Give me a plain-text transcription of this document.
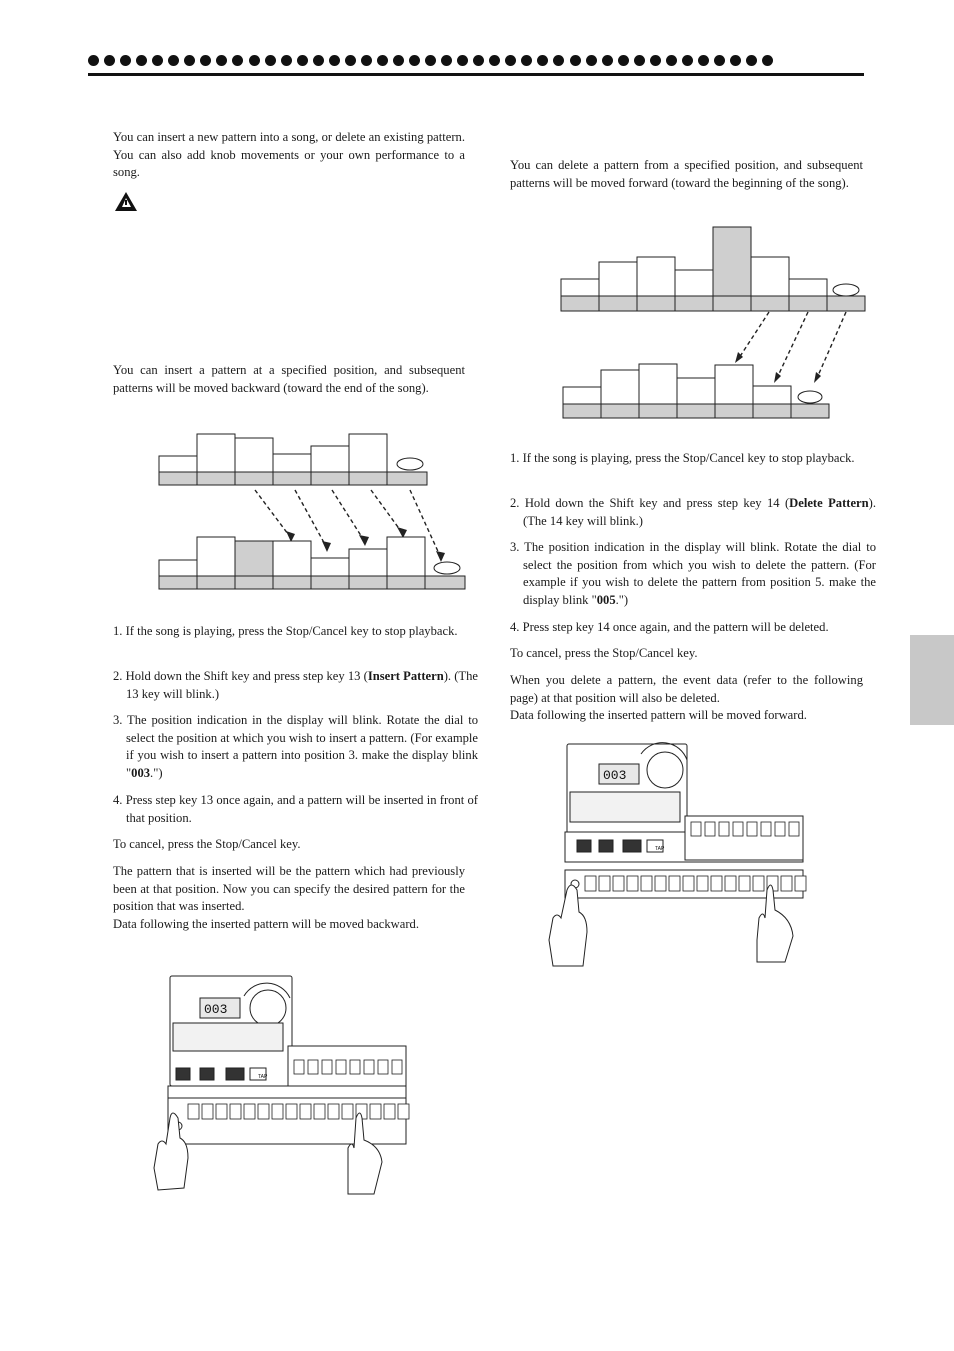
You can insert a new pattern into a song, or delete an existing pattern. You can also add knob movements or your own performance to a song.

You can insert a pattern at a specified position, and subsequent patterns will be moved backward (toward the end of the song).

1. If the song is playing, press the Stop/Cancel key to stop playback.

2. Hold down the Shift key and press step key 13 (Insert Pattern). (The 13 key will blink.)

3. The position indication in the display will blink. Rotate the dial to select the position at which you wish to insert a pattern. (For example if you wish to insert a pattern into position 3. make the display blink "003.")

4. Press step key 13 once again, and a pattern will be inserted in front of that position.

To cancel, press the Stop/Cancel key.

The pattern that is inserted will be the pattern which had previously been at that position. Now you can specify the desired pattern for the position that was inserted.

Data following the inserted pattern will be moved backward.

TAP
003

You can delete a pattern from a specified position, and subsequent patterns will be moved forward (toward the beginning of the song).

1. If the song is playing, press the Stop/Cancel key to stop playback.

2. Hold down the Shift key and press step key 14 (Delete Pattern). (The 14 key will blink.)

3. The position indication in the display will blink. Rotate the dial to select the position from which you wish to delete the pattern. (For example if you wish to delete the pattern from position 5. make the display blink "005.")

4. Press step key 14 once again, and the pattern will be deleted.

To cancel, press the Stop/Cancel key.

When you delete a pattern, the event data (refer to the following page) at that position will also be deleted.

Data following the inserted pattern will be moved forward.

TAP
003
